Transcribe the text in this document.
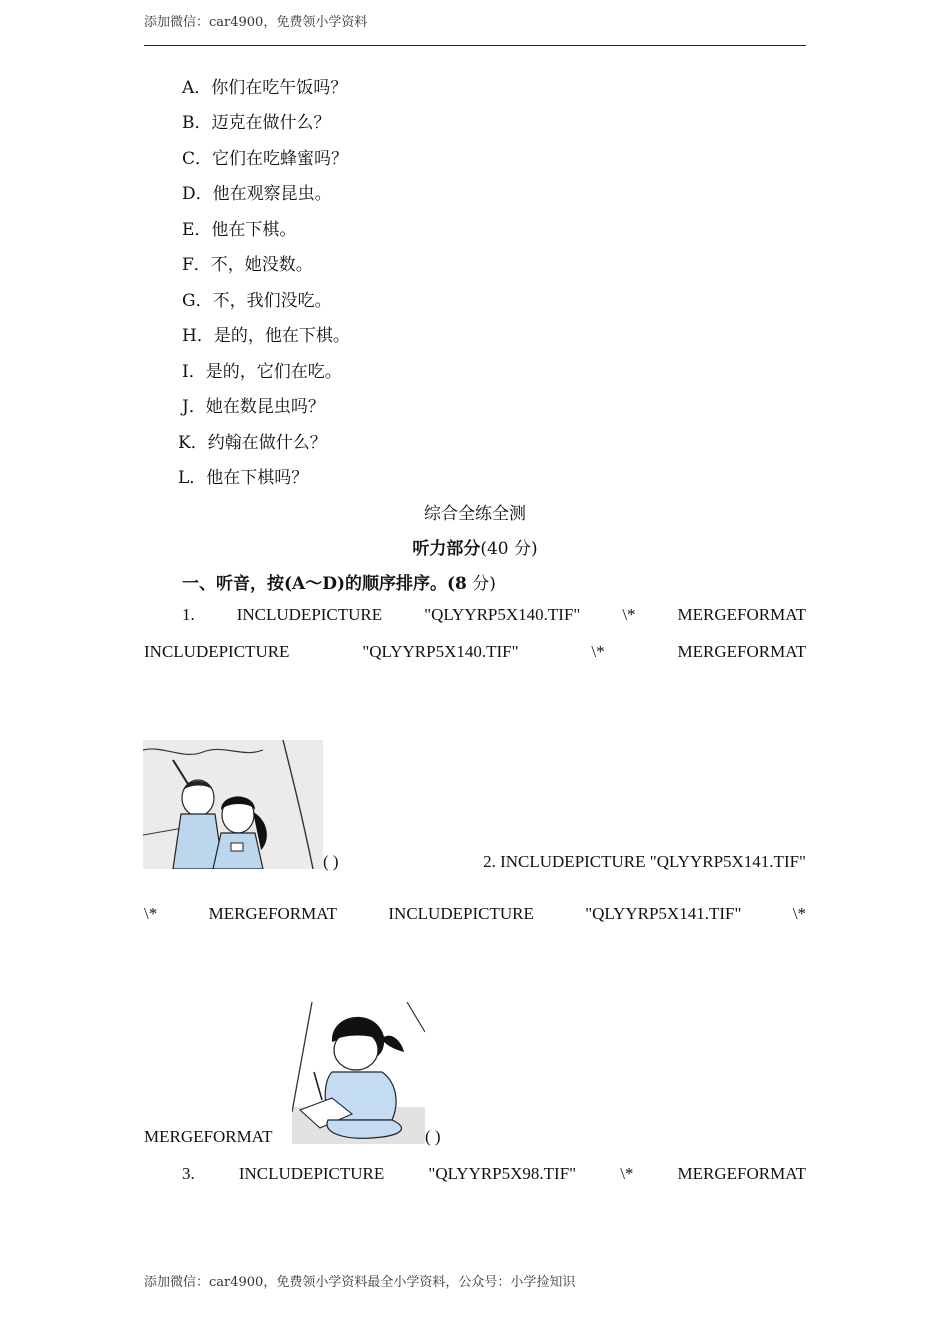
添加微信：car4900，免费领小学资料
A．你们在吃午饭吗？
B．迈克在做什么？
C．它们在吃蜂蜜吗？
D．他在观察昆虫。
E．他在下棋。
F．不，她没数。
G．不，我们没吃。
H．是的，他在下棋。
I．是的，它们在吃。
J．她在数昆虫吗？
K．约翰在做什么？
L．他在下棋吗？
综合全练全测
听力部分(40 分)
一、听音，按(A～D)的顺序排序。(8 分)
1. INCLUDEPICTURE "QLYYRP5X140.TIF" \* MERGEFORMAT
INCLUDEPICTURE	"QLYYRP5X140.TIF"	\*	MERGEFORMAT
( )	2. INCLUDEPICTURE "QLYYRP5X141.TIF"
\*	MERGEFORMAT	INCLUDEPICTURE	"QLYYRP5X141.TIF"	\*
MERGEFORMAT	( )
3.	INCLUDEPICTURE	"QLYYRP5X98.TIF"	\*	MERGEFORMAT
添加微信：car4900，免费领小学资料最全小学资料，公众号：小学捡知识
